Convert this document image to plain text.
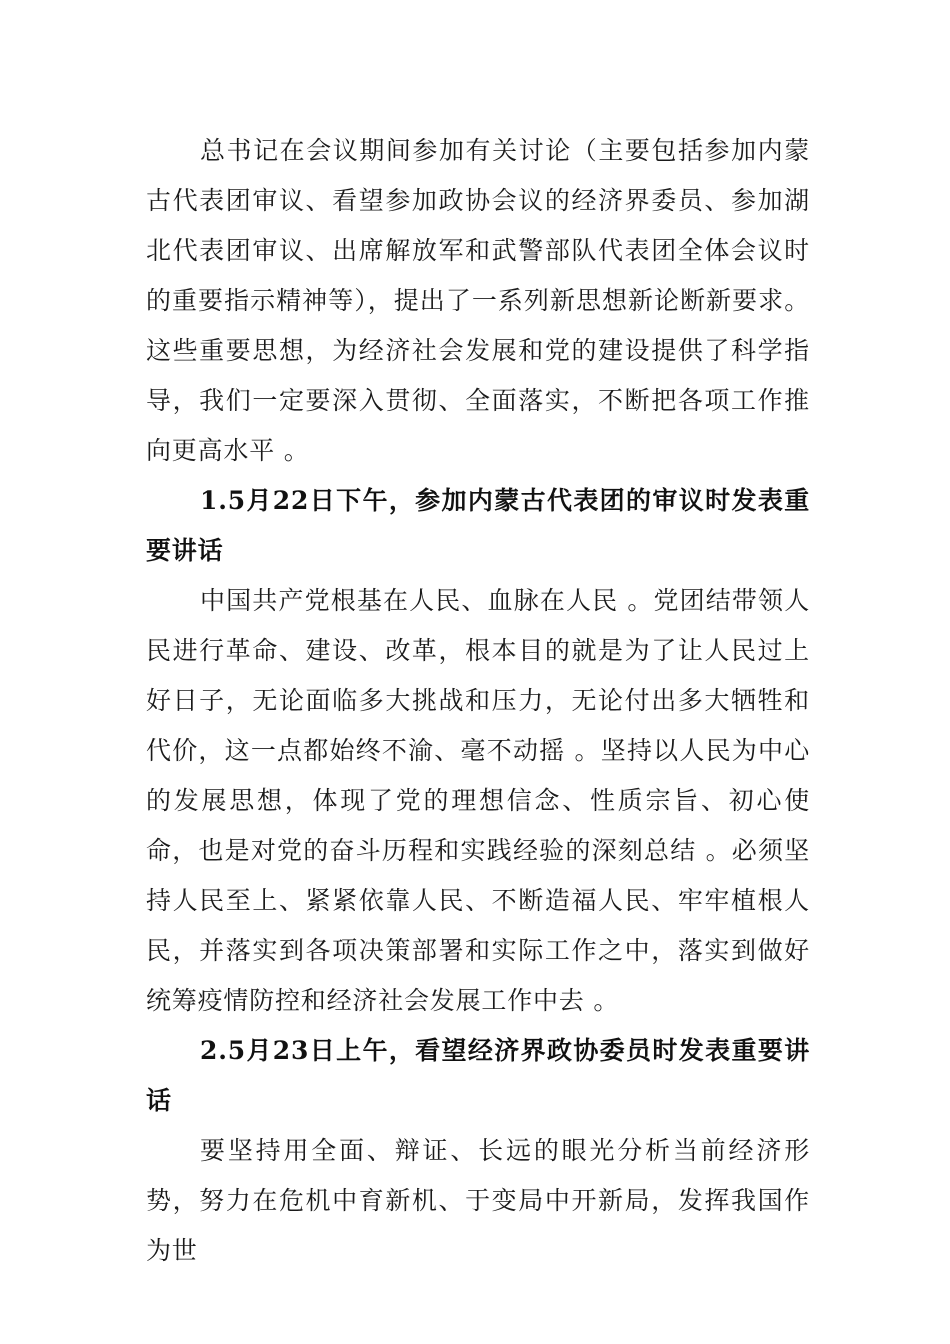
总书记在会议期间参加有关讨论（主要包括参加内蒙古代表团审议、看望参加政协会议的经济界委员、参加湖北代表团审议、出席解放军和武警部队代表团全体会议时的重要指示精神等），提出了一系列新思想新论断新要求。这些重要思想，为经济社会发展和党的建设提供了科学指导，我们一定要深入贯彻、全面落实，不断把各项工作推向更高水平 。

1.5月22日下午，参加内蒙古代表团的审议时发表重要讲话

中国共产党根基在人民、血脉在人民 。党团结带领人民进行革命、建设、改革，根本目的就是为了让人民过上好日子，无论面临多大挑战和压力，无论付出多大牺牲和代价，这一点都始终不渝、毫不动摇 。坚持以人民为中心的发展思想，体现了党的理想信念、性质宗旨、初心使命，也是对党的奋斗历程和实践经验的深刻总结 。必须坚持人民至上、紧紧依靠人民、不断造福人民、牢牢植根人民，并落实到各项决策部署和实际工作之中，落实到做好统筹疫情防控和经济社会发展工作中去 。

2.5月23日上午，看望经济界政协委员时发表重要讲话

要坚持用全面、辩证、长远的眼光分析当前经济形势，努力在危机中育新机、于变局中开新局，发挥我国作为世
